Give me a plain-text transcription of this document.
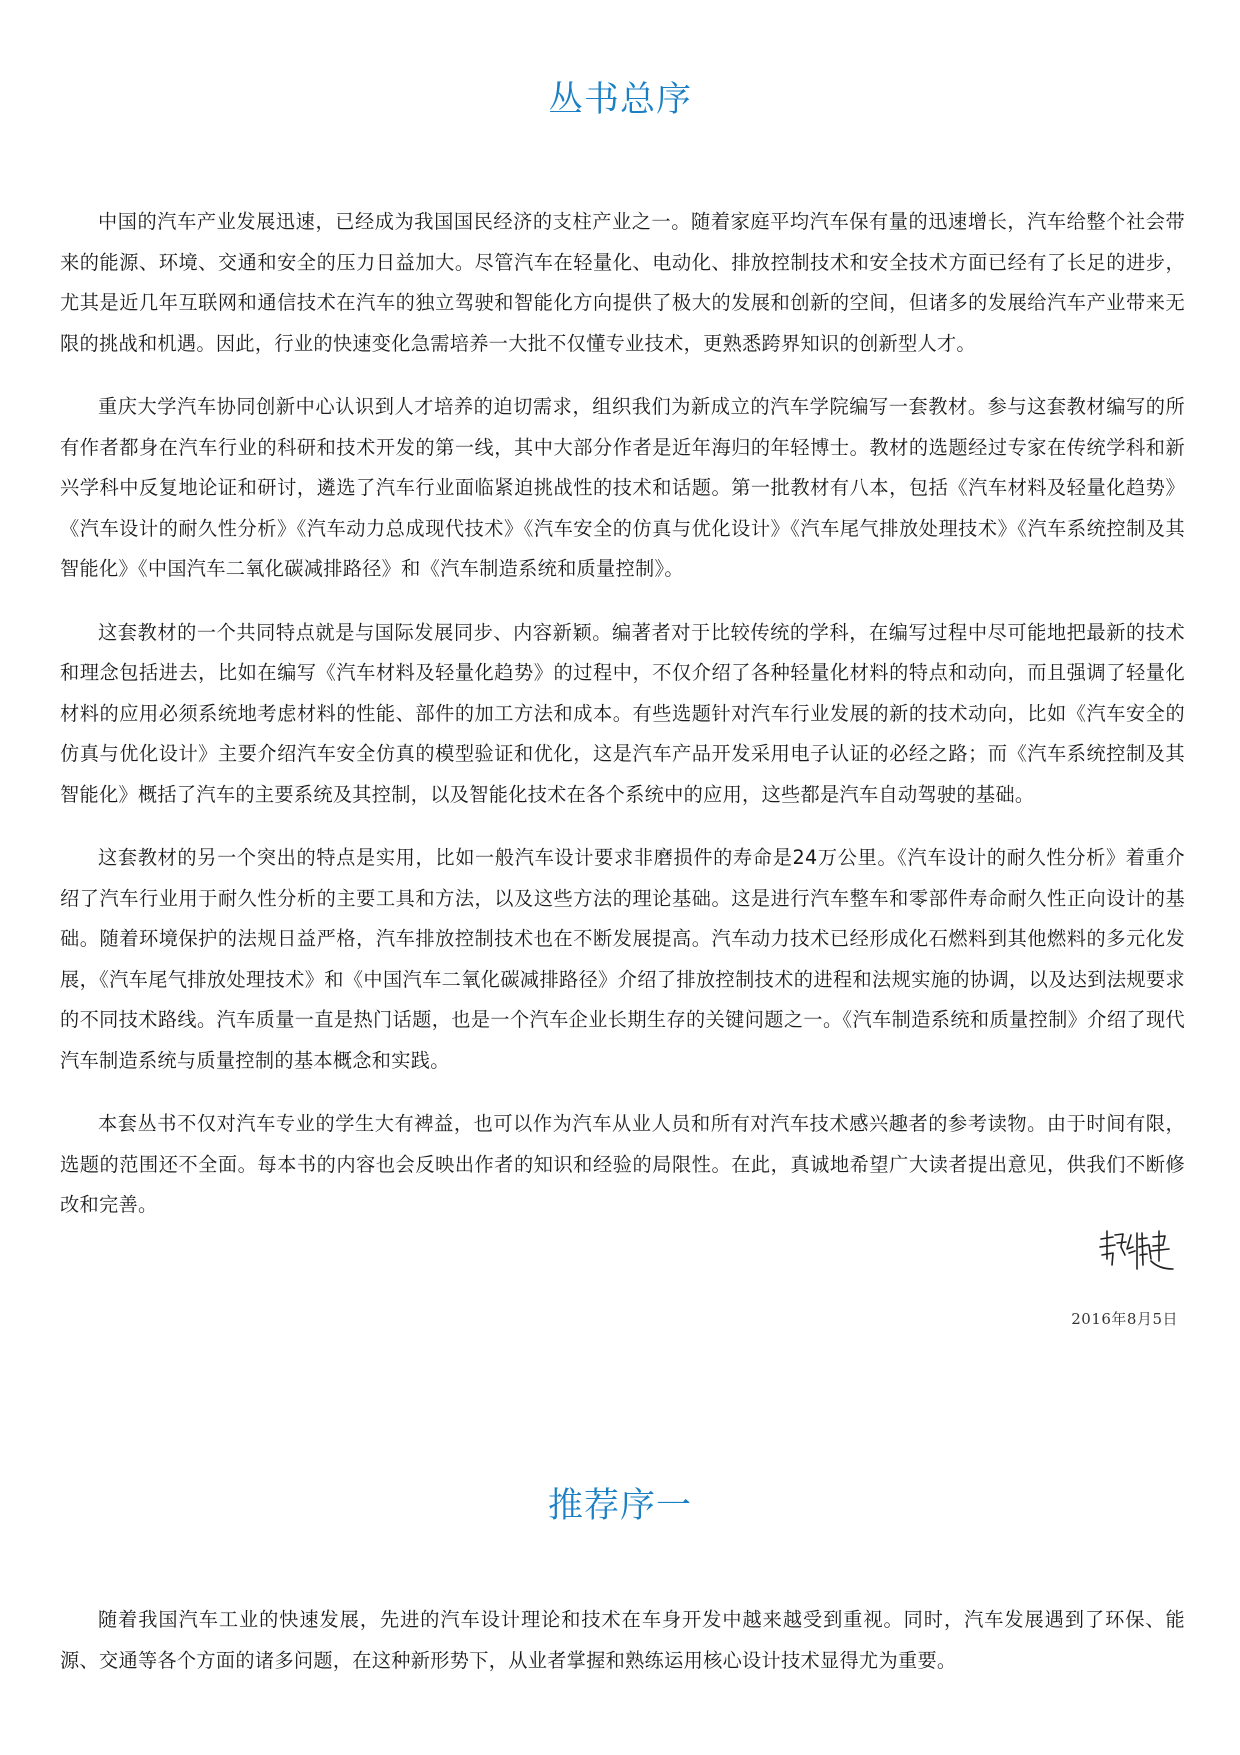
丛书总序

中国的汽车产业发展迅速，已经成为我国国民经济的支柱产业之一。随着家庭平均汽车保有量的迅速增长，汽车给整个社会带来的能源、环境、交通和安全的压力日益加大。尽管汽车在轻量化、电动化、排放控制技术和安全技术方面已经有了长足的进步，尤其是近几年互联网和通信技术在汽车的独立驾驶和智能化方向提供了极大的发展和创新的空间，但诸多的发展给汽车产业带来无限的挑战和机遇。因此，行业的快速变化急需培养一大批不仅懂专业技术，更熟悉跨界知识的创新型人才。

重庆大学汽车协同创新中心认识到人才培养的迫切需求，组织我们为新成立的汽车学院编写一套教材。参与这套教材编写的所有作者都身在汽车行业的科研和技术开发的第一线，其中大部分作者是近年海归的年轻博士。教材的选题经过专家在传统学科和新兴学科中反复地论证和研讨，遴选了汽车行业面临紧迫挑战性的技术和话题。第一批教材有八本，包括《汽车材料及轻量化趋势》《汽车设计的耐久性分析》《汽车动力总成现代技术》《汽车安全的仿真与优化设计》《汽车尾气排放处理技术》《汽车系统控制及其智能化》《中国汽车二氧化碳减排路径》和《汽车制造系统和质量控制》。

这套教材的一个共同特点就是与国际发展同步、内容新颖。编著者对于比较传统的学科，在编写过程中尽可能地把最新的技术和理念包括进去，比如在编写《汽车材料及轻量化趋势》的过程中，不仅介绍了各种轻量化材料的特点和动向，而且强调了轻量化材料的应用必须系统地考虑材料的性能、部件的加工方法和成本。有些选题针对汽车行业发展的新的技术动向，比如《汽车安全的仿真与优化设计》主要介绍汽车安全仿真的模型验证和优化，这是汽车产品开发采用电子认证的必经之路；而《汽车系统控制及其智能化》概括了汽车的主要系统及其控制，以及智能化技术在各个系统中的应用，这些都是汽车自动驾驶的基础。

这套教材的另一个突出的特点是实用，比如一般汽车设计要求非磨损件的寿命是24万公里。《汽车设计的耐久性分析》着重介绍了汽车行业用于耐久性分析的主要工具和方法，以及这些方法的理论基础。这是进行汽车整车和零部件寿命耐久性正向设计的基础。随着环境保护的法规日益严格，汽车排放控制技术也在不断发展提高。汽车动力技术已经形成化石燃料到其他燃料的多元化发展，《汽车尾气排放处理技术》和《中国汽车二氧化碳减排路径》介绍了排放控制技术的进程和法规实施的协调，以及达到法规要求的不同技术路线。汽车质量一直是热门话题，也是一个汽车企业长期生存的关键问题之一。《汽车制造系统和质量控制》介绍了现代汽车制造系统与质量控制的基本概念和实践。

本套丛书不仅对汽车专业的学生大有裨益，也可以作为汽车从业人员和所有对汽车技术感兴趣者的参考读物。由于时间有限，选题的范围还不全面。每本书的内容也会反映出作者的知识和经验的局限性。在此，真诚地希望广大读者提出意见，供我们不断修改和完善。

2016年8月5日
推荐序一

随着我国汽车工业的快速发展，先进的汽车设计理论和技术在车身开发中越来越受到重视。同时，汽车发展遇到了环保、能源、交通等各个方面的诸多问题，在这种新形势下，从业者掌握和熟练运用核心设计技术显得尤为重要。
